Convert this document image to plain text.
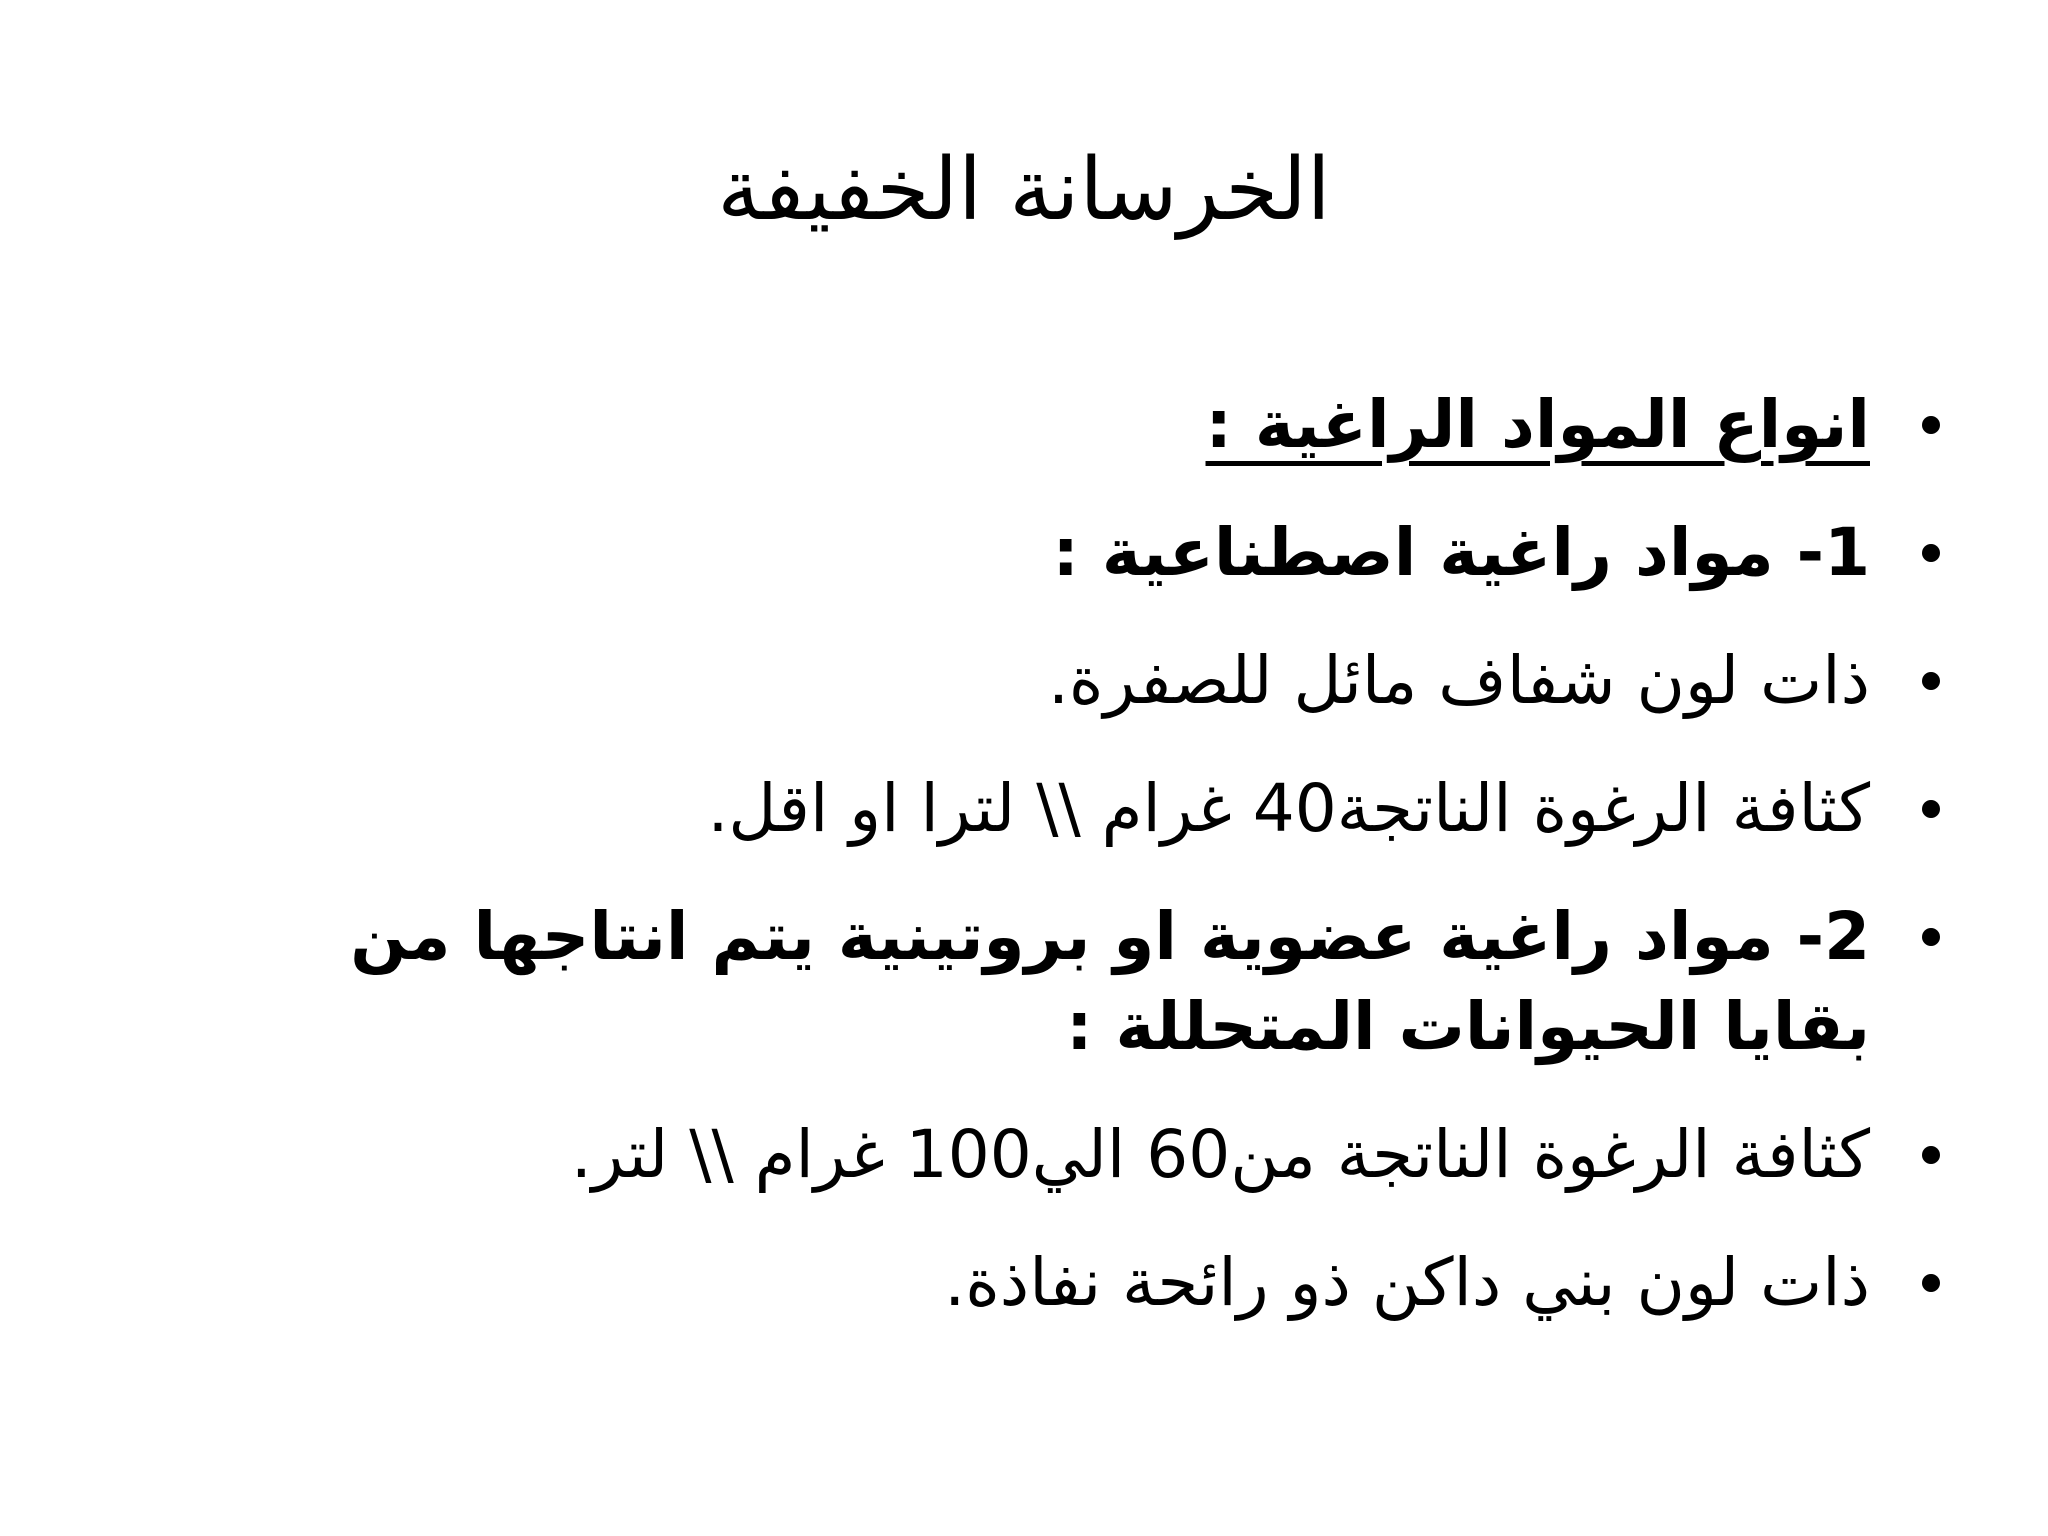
الخرسانة الخفيفة
انواع المواد الراغية :
1- مواد راغية اصطناعية :
ذات لون شفاف مائل للصفرة.
كثافة الرغوة الناتجة40 غرام \\ لترا او اقل.
2- مواد راغية عضوية او بروتينية يتم انتاجها من بقايا الحيوانات المتحللة :
كثافة الرغوة الناتجة من60 الي100 غرام \\ لتر.
ذات لون بني داكن ذو رائحة نفاذة.
